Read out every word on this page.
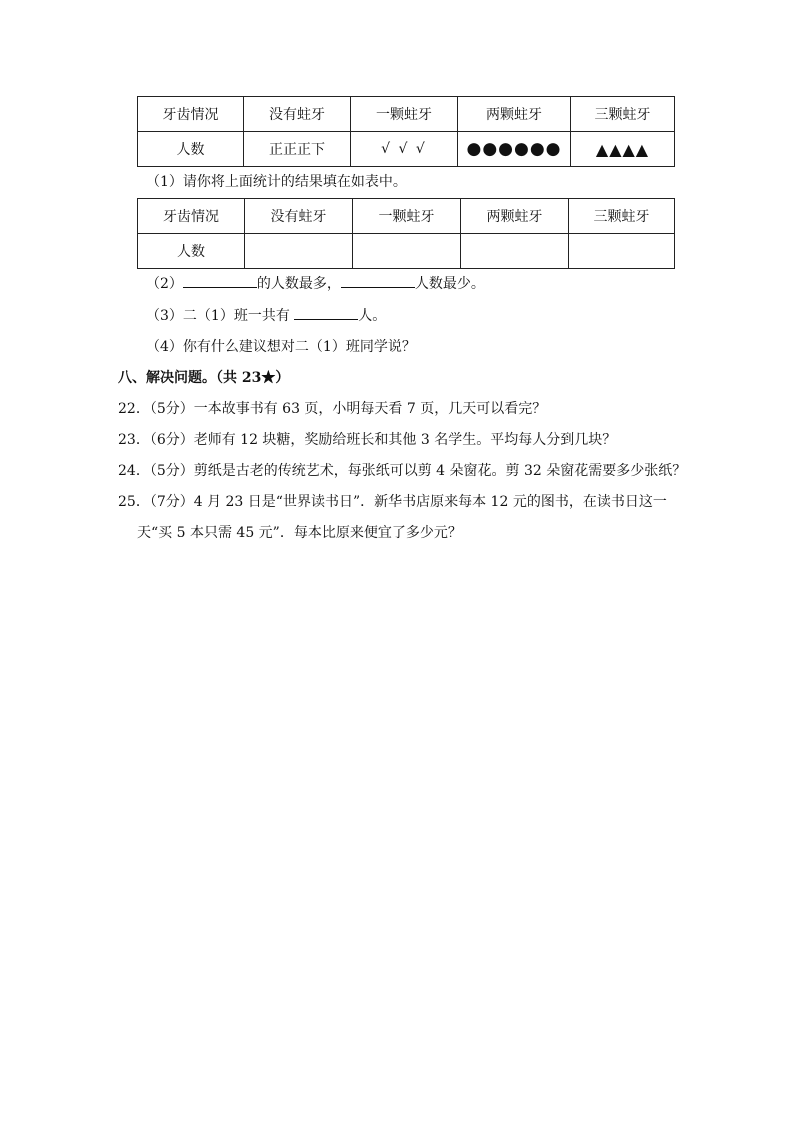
牙齿情况	没有蛀牙	一颗蛀牙	两颗蛀牙	三颗蛀牙
人数	正正正下	√ √ √	●●●●●●	▲▲▲▲
（1）请你将上面统计的结果填在如表中。
牙齿情况	没有蛀牙	一颗蛀牙	两颗蛀牙	三颗蛀牙
人数				
（2）	的人数最多，	人数最少。
（3）二（1）班一共有	人。
（4）你有什么建议想对二（1）班同学说？
八、解决问题。（共 23★）
22．（5分）一本故事书有 63 页，小明每天看 7 页，几天可以看完？
23．（6分）老师有 12 块糖，奖励给班长和其他 3 名学生。平均每人分到几块？
24．（5分）剪纸是古老的传统艺术，每张纸可以剪 4 朵窗花。剪 32 朵窗花需要多少张纸？
25．（7分）4 月 23 日是“世界读书日”．新华书店原来每本 12 元的图书，在读书日这一
天“买 5 本只需 45 元”．每本比原来便宜了多少元？
